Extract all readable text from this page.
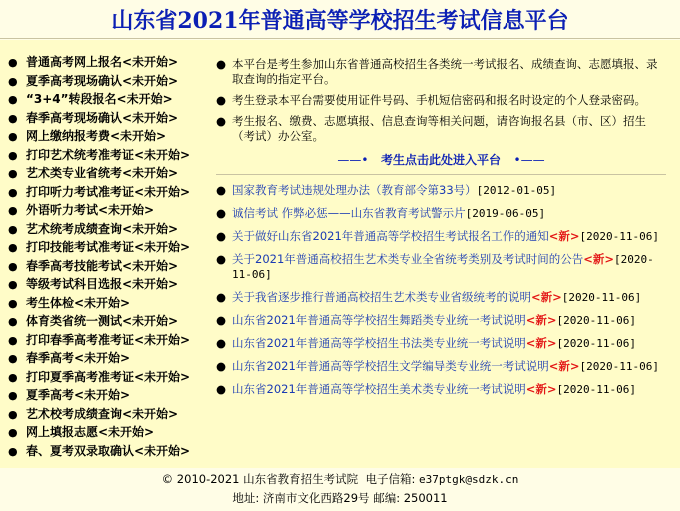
山东省2021年普通高等学校招生考试信息平台
● 普通高考网上报名<未开始>
● 夏季高考现场确认<未开始>
● “3+4”转段报名<未开始>
● 春季高考现场确认<未开始>
● 网上缴纳报考费<未开始>
● 打印艺术统考准考证<未开始>
● 艺术类专业省统考<未开始>
● 打印听力考试准考证<未开始>
● 外语听力考试<未开始>
● 艺术统考成绩查询<未开始>
● 打印技能考试准考证<未开始>
● 春季高考技能考试<未开始>
● 等级考试科目选报<未开始>
● 考生体检<未开始>
● 体育类省统一测试<未开始>
● 打印春季高考准考证<未开始>
● 春季高考<未开始>
● 打印夏季高考准考证<未开始>
● 夏季高考<未开始>
● 艺术校考成绩查询<未开始>
● 网上填报志愿<未开始>
● 春、夏考双录取确认<未开始>
● 本平台是考生参加山东省普通高校招生各类统一考试报名、成绩查询、志愿填报、录取查询的指定平台。
● 考生登录本平台需要使用证件号码、手机短信密码和报名时设定的个人登录密码。
● 考生报名、缴费、志愿填报、信息查询等相关问题，请咨询报名县（市、区）招生（考试）办公室。
——• 考生点击此处进入平台 •——
● 国家教育考试违规处理办法（教育部令第33号）[2012-01-05]
● 诚信考试 作弊必惩——山东省教育考试警示片[2019-06-05]
● 关于做好山东省2021年普通高等学校招生考试报名工作的通知<新>[2020-11-06]
● 关于2021年普通高校招生艺术类专业全省统考类别及考试时间的公告<新>[2020-11-06]
● 关于我省逐步推行普通高校招生艺术类专业省级统考的说明<新>[2020-11-06]
● 山东省2021年普通高等学校招生舞蹈类专业统一考试说明<新>[2020-11-06]
● 山东省2021年普通高等学校招生书法类专业统一考试说明<新>[2020-11-06]
● 山东省2021年普通高等学校招生文学编导类专业统一考试说明<新>[2020-11-06]
● 山东省2021年普通高等学校招生美术类专业统一考试说明<新>[2020-11-06]
© 2010-2021 山东省教育招生考试院 电子信箱: e37ptgk@sdzk.cn
地址: 济南市文化西路29号 邮编: 250011
